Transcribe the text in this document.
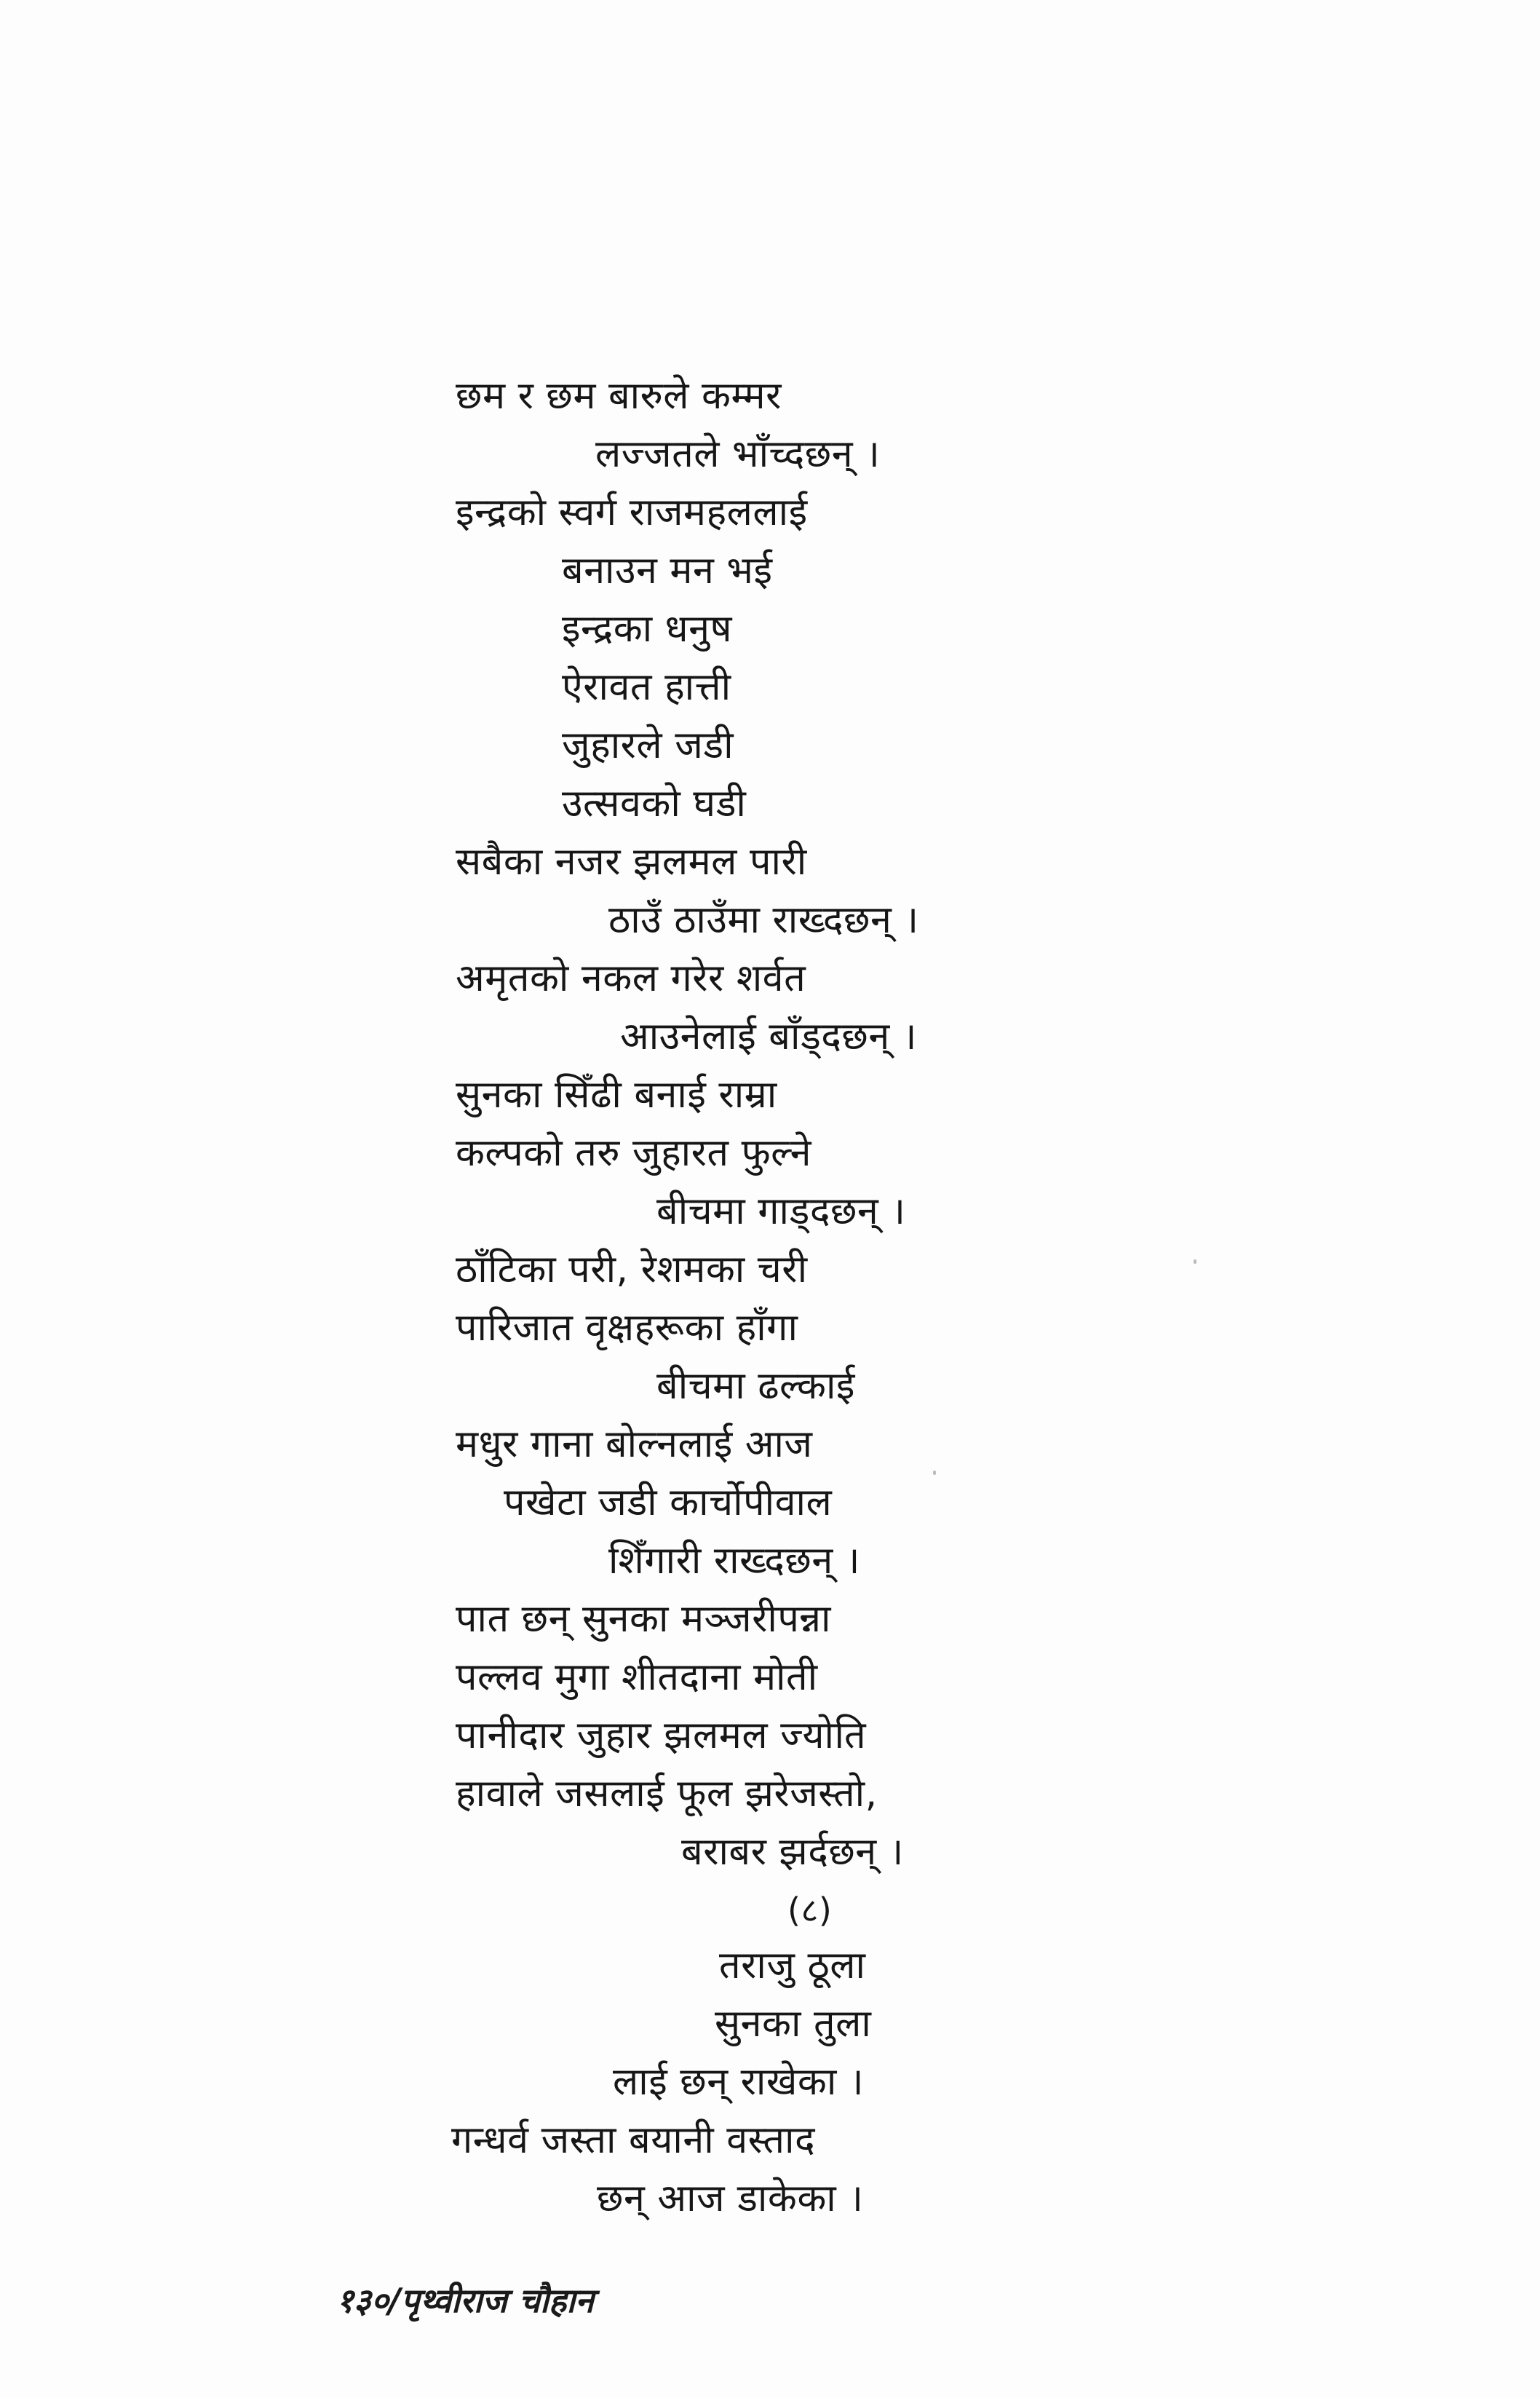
छम र छम बारुले कम्मर
लज्जतले भाँच्दछन् ।
इन्द्रको स्वर्ग राजमहललाई
बनाउन मन भई
इन्द्रका धनुष
ऐरावत हात्ती
जुहारले जडी
उत्सवको घडी
सबैका नजर झलमल पारी
ठाउँ ठाउँमा राख्दछन् ।
अमृतको नकल गरेर शर्वत
आउनेलाई बाँड्दछन् ।
सुनका सिँढी बनाई राम्रा
कल्पको तरु जुहारत फुल्ने
बीचमा गाड्दछन् ।
ठाँटिका परी, रेशमका चरी
पारिजात वृक्षहरूका हाँगा
बीचमा ढल्काई
मधुर गाना बोल्नलाई आज
पखेटा जडी कार्चोपीवाल
शिँगारी राख्दछन् ।
पात छन् सुनका मञ्जरीपन्ना
पल्लव मुगा शीतदाना मोती
पानीदार जुहार झलमल ज्योति
हावाले जसलाई फूल झरेजस्तो,
बराबर झर्दछन् ।
(८)
तराजु ठूला
सुनका तुला
लाई छन् राखेका ।
गन्धर्व जस्ता बयानी वस्ताद
छन् आज डाकेका ।
१३०/पृथ्वीराज चौहान
